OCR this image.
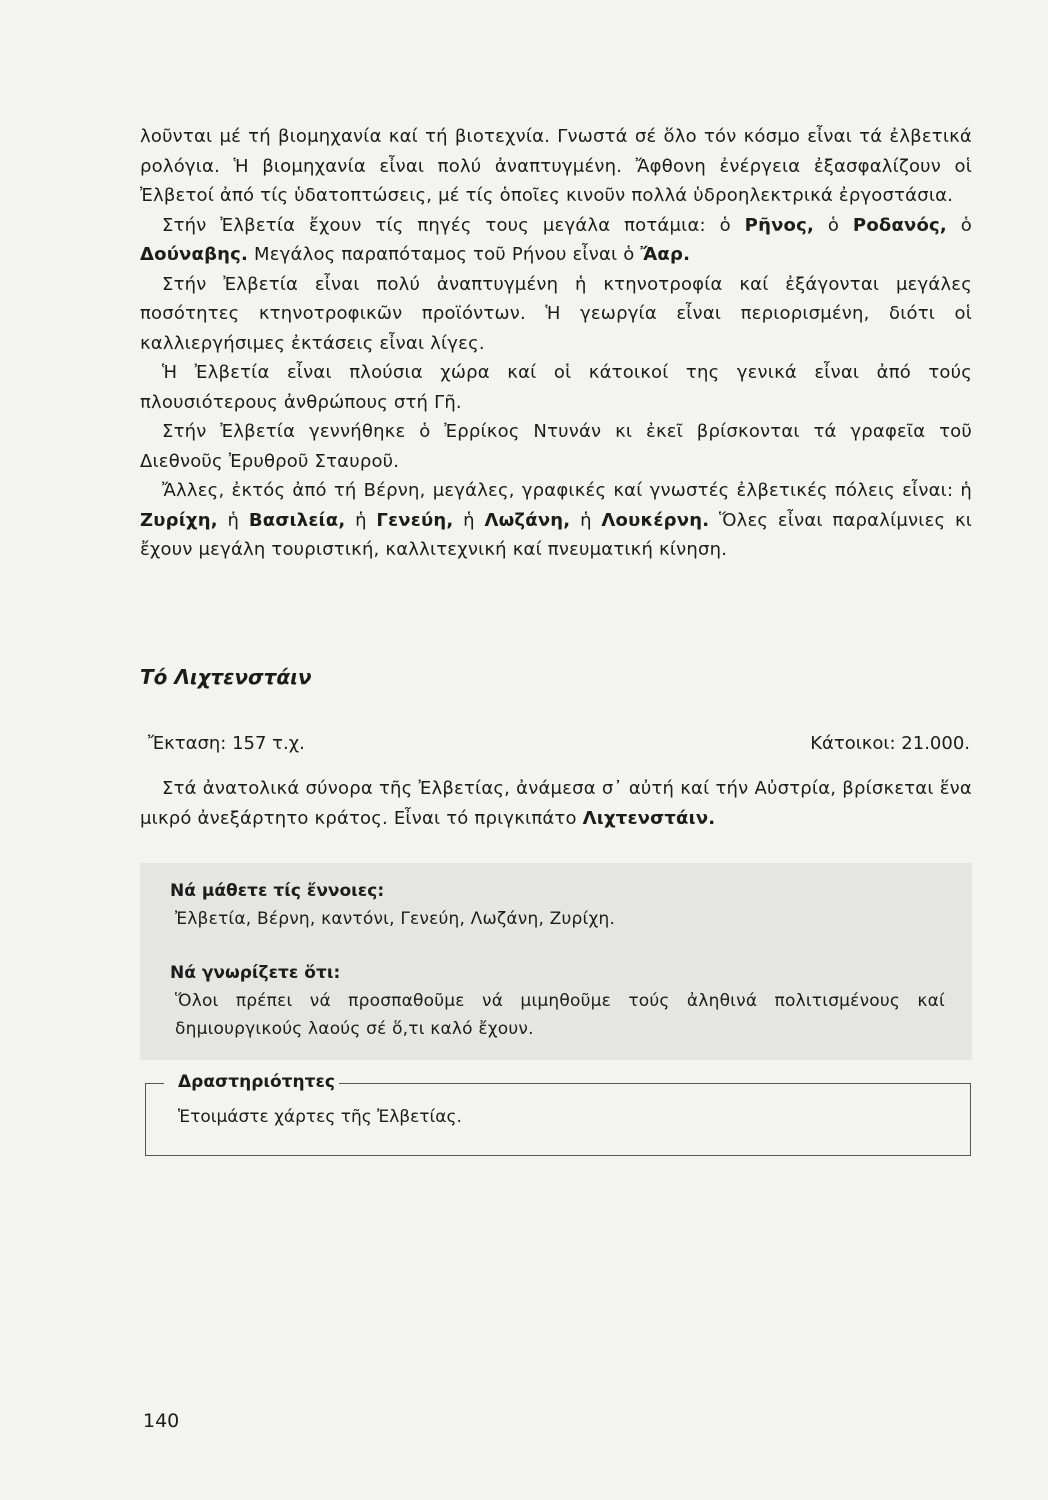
λοῦνται μέ τή βιομηχανία καί τή βιοτεχνία. Γνωστά σέ ὅλο τόν κόσμο εἶναι τά ἐλβετικά ρολόγια. Ἡ βιομηχανία εἶναι πολύ ἀναπτυγμένη. Ἄφθονη ἐνέργεια ἐξασφαλίζουν οἱ Ἐλβετοί ἀπό τίς ὑδατοπτώσεις, μέ τίς ὁποῖες κινοῦν πολλά ὑδροηλεκτρικά ἐργοστάσια.

Στήν Ἐλβετία ἔχουν τίς πηγές τους μεγάλα ποτάμια: ὁ Ρῆνος, ὁ Ροδανός, ὁ Δούναβης. Μεγάλος παραπόταμος τοῦ Ρήνου εἶναι ὁ Ἄαρ.

Στήν Ἐλβετία εἶναι πολύ ἀναπτυγμένη ἡ κτηνοτροφία καί ἐξάγονται μεγάλες ποσότητες κτηνοτροφικῶν προϊόντων. Ἡ γεωργία εἶναι περιορισμένη, διότι οἱ καλλιεργήσιμες ἐκτάσεις εἶναι λίγες.

Ἡ Ἐλβετία εἶναι πλούσια χώρα καί οἱ κάτοικοί της γενικά εἶναι ἀπό τούς πλουσιότερους ἀνθρώπους στή Γῆ.

Στήν Ἐλβετία γεννήθηκε ὁ Ἐρρίκος Ντυνάν κι ἐκεῖ βρίσκονται τά γραφεῖα τοῦ Διεθνοῦς Ἐρυθροῦ Σταυροῦ.

Ἄλλες, ἐκτός ἀπό τή Βέρνη, μεγάλες, γραφικές καί γνωστές ἐλβετικές πόλεις εἶναι: ἡ Ζυρίχη, ἡ Βασιλεία, ἡ Γενεύη, ἡ Λωζάνη, ἡ Λουκέρνη. Ὅλες εἶναι παραλίμνιες κι ἔχουν μεγάλη τουριστική, καλλιτεχνική καί πνευματική κίνηση.

Τό Λιχτενστάιν
Ἔκταση: 157 τ.χ.	Κάτοικοι: 21.000.

Στά ἀνατολικά σύνορα τῆς Ἐλβετίας, ἀνάμεσα σ᾽ αὐτή καί τήν Αὐστρία, βρίσκεται ἕνα μικρό ἀνεξάρτητο κράτος. Εἶναι τό πριγκιπάτο Λιχτενστάιν.

Νά μάθετε τίς ἔννοιες:

Ἐλβετία, Βέρνη, καντόνι, Γενεύη, Λωζάνη, Ζυρίχη.

Νά γνωρίζετε ὅτι:

Ὅλοι πρέπει νά προσπαθοῦμε νά μιμηθοῦμε τούς ἀληθινά πολιτισμένους καί δημιουργικούς λαούς σέ ὅ,τι καλό ἔχουν.

Δραστηριότητες
Ἑτοιμάστε χάρτες τῆς Ἐλβετίας.
140
